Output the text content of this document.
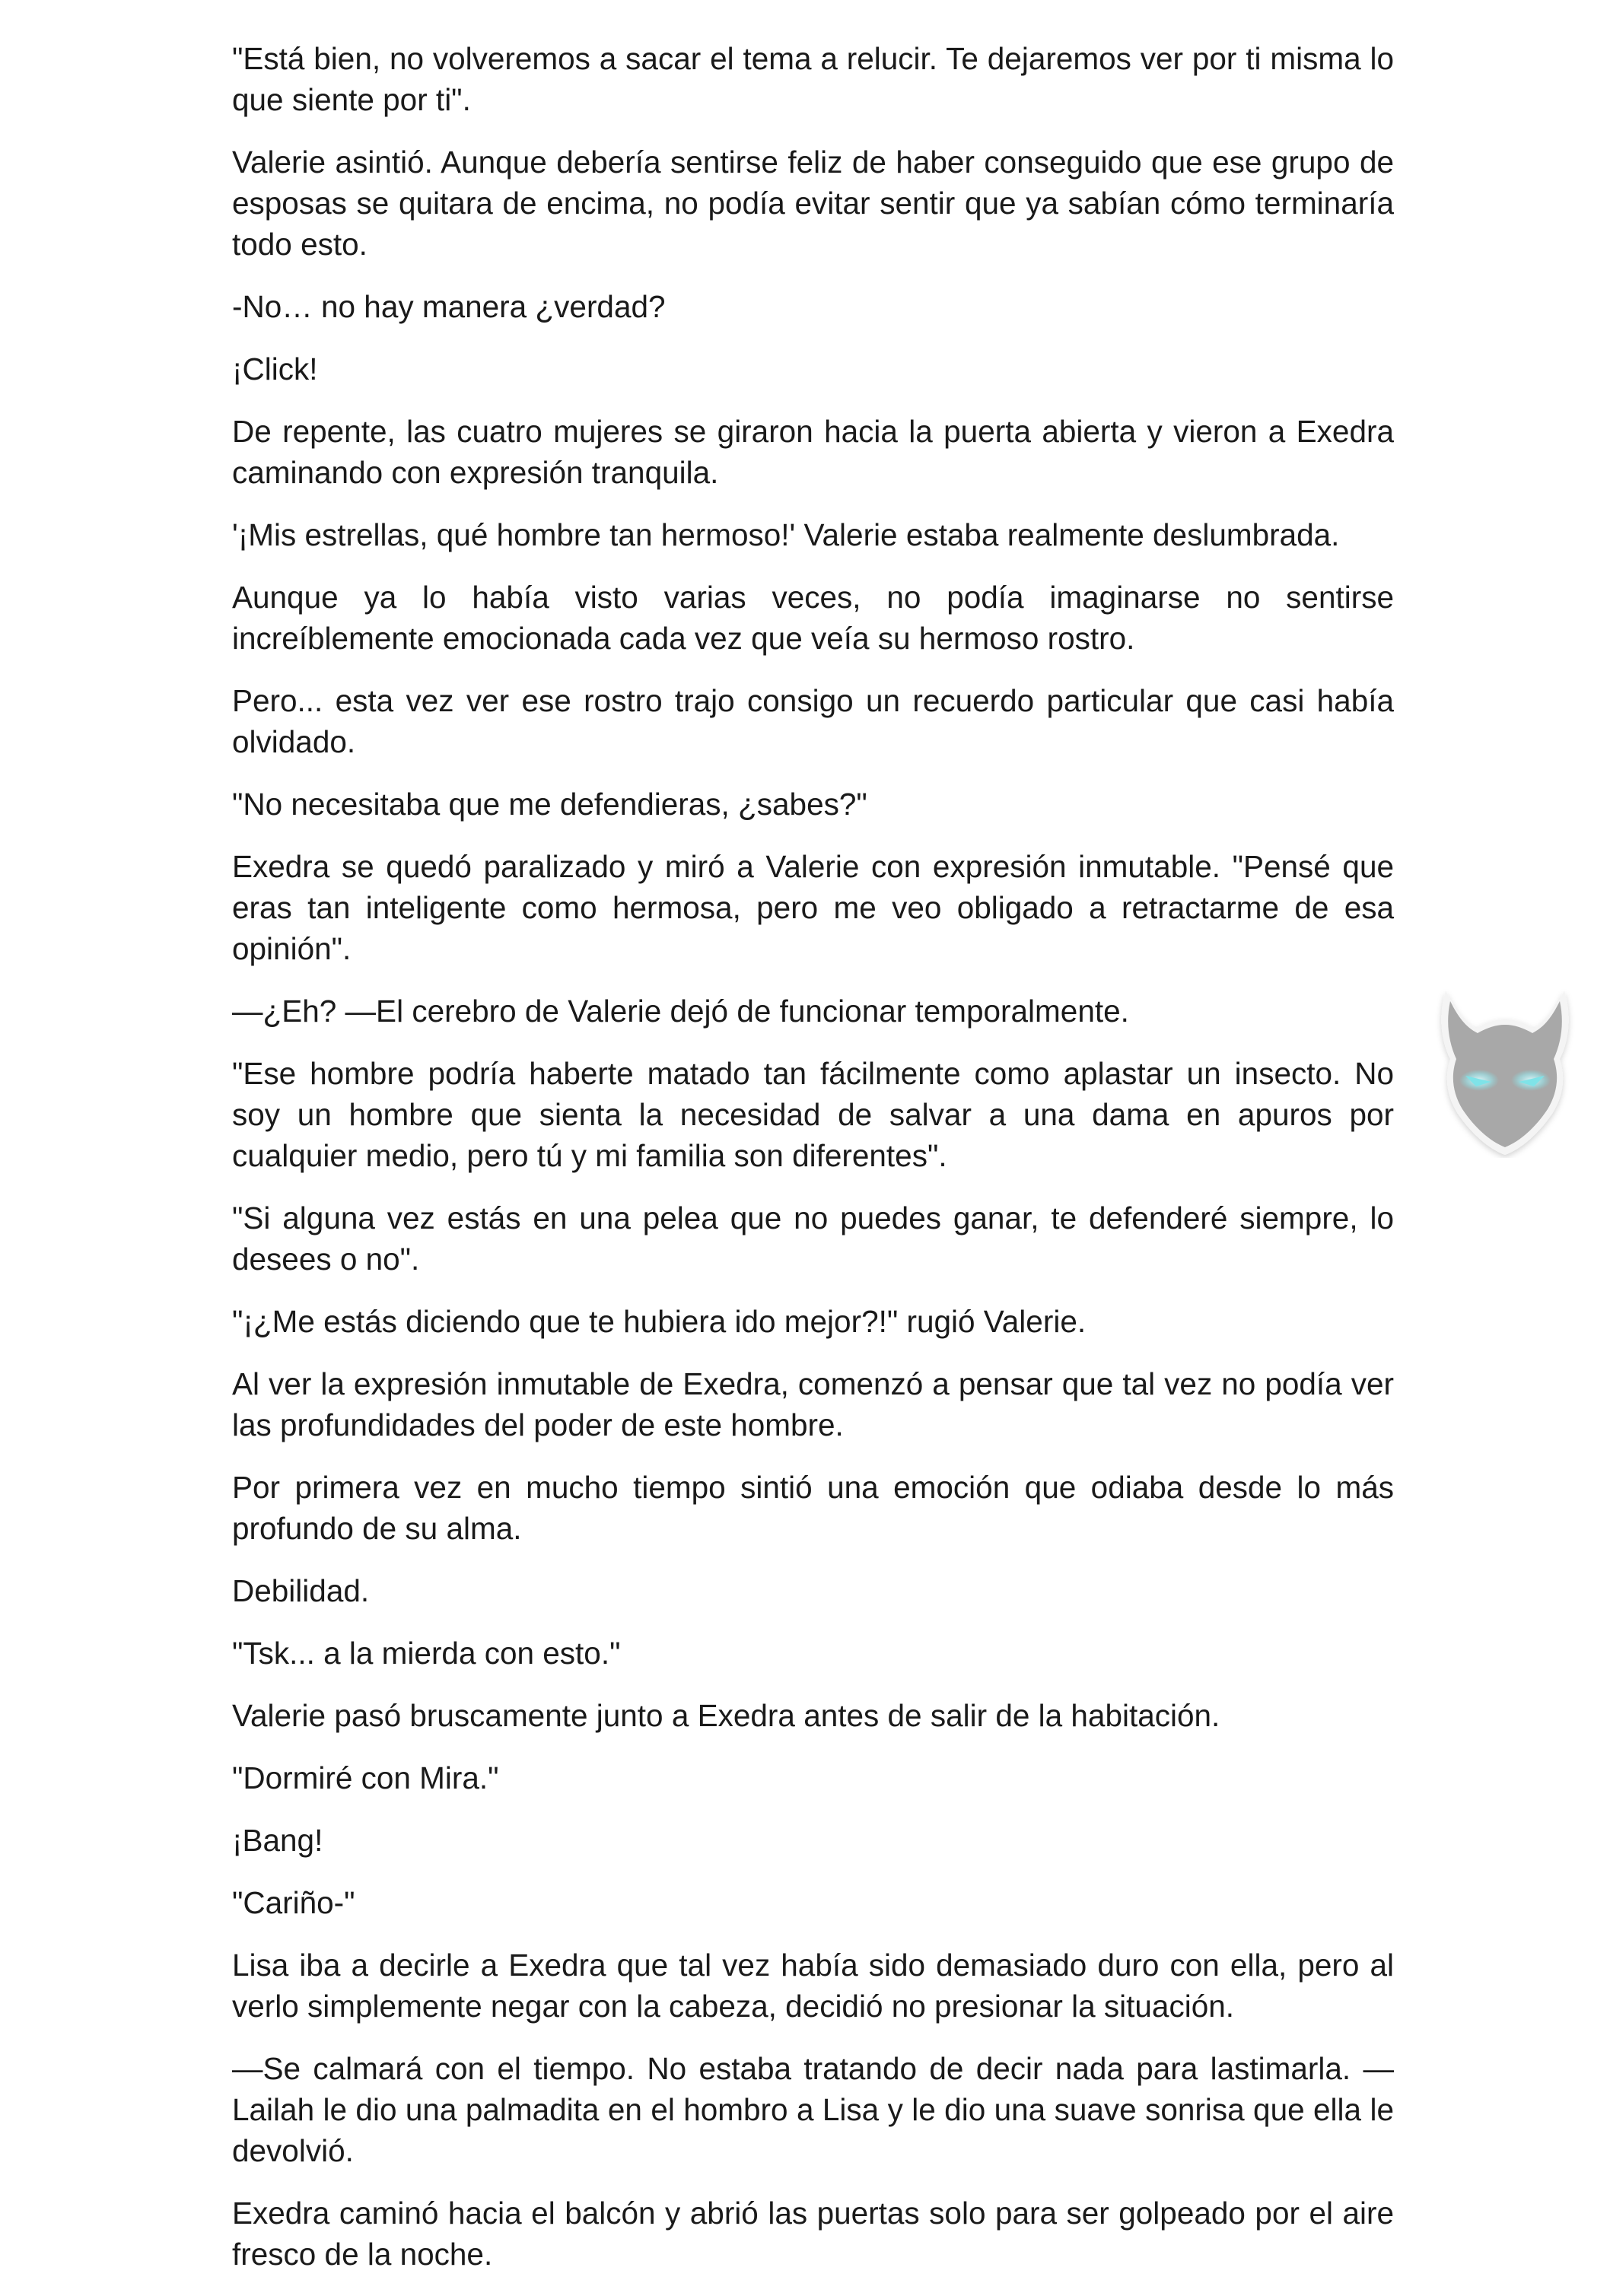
"Está bien, no volveremos a sacar el tema a relucir. Te dejaremos ver por ti misma lo que siente por ti".

Valerie asintió. Aunque debería sentirse feliz de haber conseguido que ese grupo de esposas se quitara de encima, no podía evitar sentir que ya sabían cómo terminaría todo esto.

-No… no hay manera ¿verdad?

¡Click!

De repente, las cuatro mujeres se giraron hacia la puerta abierta y vieron a Exedra caminando con expresión tranquila.

'¡Mis estrellas, qué hombre tan hermoso!' Valerie estaba realmente deslumbrada.

Aunque ya lo había visto varias veces, no podía imaginarse no sentirse increíblemente emocionada cada vez que veía su hermoso rostro.

Pero... esta vez ver ese rostro trajo consigo un recuerdo particular que casi había olvidado.

"No necesitaba que me defendieras, ¿sabes?"

Exedra se quedó paralizado y miró a Valerie con expresión inmutable. "Pensé que eras tan inteligente como hermosa, pero me veo obligado a retractarme de esa opinión".

—¿Eh? —El cerebro de Valerie dejó de funcionar temporalmente.

"Ese hombre podría haberte matado tan fácilmente como aplastar un insecto. No soy un hombre que sienta la necesidad de salvar a una dama en apuros por cualquier medio, pero tú y mi familia son diferentes".

"Si alguna vez estás en una pelea que no puedes ganar, te defenderé siempre, lo desees o no".

"¡¿Me estás diciendo que te hubiera ido mejor?!" rugió Valerie.

Al ver la expresión inmutable de Exedra, comenzó a pensar que tal vez no podía ver las profundidades del poder de este hombre.

Por primera vez en mucho tiempo sintió una emoción que odiaba desde lo más profundo de su alma.

Debilidad.

"Tsk... a la mierda con esto."

Valerie pasó bruscamente junto a Exedra antes de salir de la habitación.

"Dormiré con Mira."

¡Bang!

"Cariño-"

Lisa iba a decirle a Exedra que tal vez había sido demasiado duro con ella, pero al verlo simplemente negar con la cabeza, decidió no presionar la situación.

—Se calmará con el tiempo. No estaba tratando de decir nada para lastimarla. —Lailah le dio una palmadita en el hombro a Lisa y le dio una suave sonrisa que ella le devolvió.

Exedra caminó hacia el balcón y abrió las puertas solo para ser golpeado por el aire fresco de la noche.
